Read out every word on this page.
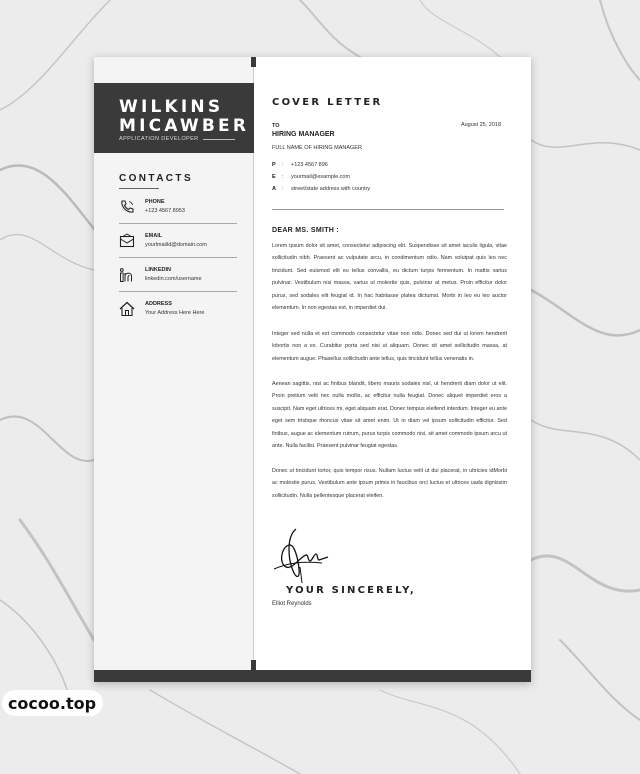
WILKINS
MICAWBER
APPLICATION DEVELOPER
CONTACTS
PHONE
+123 4567 8953
EMAIL
yourlmaiild@domain.com
LINKEDIN
linkedin.com/username
ADDRESS
Your Address Here Here
COVER LETTER
TO	August 25, 2018
HIRING MANAGER
FULL NAME OF HIRING MANAGER
P : +123 4567 896
E : yourmail@example.com
A : street/state address with country
DEAR MS. SMITH :
Lorem ipsum dolor sit amet, consectetur adipiscing elit. Suspendisse sit amet iaculis ligula, vitae sollicitudin nibh. Praesent ac vulputate arcu, in condimentum odio. Nam volutpat quis leo nec tincidunt. Sed euismod elit eu tellus convallis, eu dictum turpis fermentum. In mattis varius pulvinar. Vestibulum nisi massa, varius ut molestie quis, pulvinar at metus. Proin efficitur dolor purus, sed sodales elit feugiat id. In hac habitasse platea dictumst. Morbi in leo eu leo auctor elementum. In non egestas est, in imperdiet dui.
Integer sed nulla et est commodo consectetur vitae non odio. Donec sed dui ut lorem hendrerit lobortis non a ex. Curabitur porta sed nisi ut aliquam. Donec sit amet sollicitudin massa, at elementum augue. Phasellus sollicitudin ante tellus, quis tincidunt tellus venenatis in.
Aenean sagittis, nisi ac finibus blandit, libero mauris sodales nisl, ut hendrerit diam dolor ut elit. Proin pretium velit nec nulla mollis, ac efficitur nulla feugiat. Donec aliquet imperdiet eros a suscipit. Nam eget ultrices mi, eget aliquam erat. Donec tempus eleifend interdum. Integer eu ante eget sem tristique rhoncus vitae sit amet enim. Ut in diam vel ipsum sollicitudin efficitur. Sed finibus, augue ac elementum rutrum, purus turpis commodo nisi, sit amet commodo ipsum arcu ut ante. Nulla facilisi. Praesent pulvinar feugiat egestas.
Donec ut tincidunt tortor, quis tempor risus. Nullam luctus velit ut dui placerat, in ultricies idMorbi ac molestie purus. Vestibulum ante ipsum primis in faucibus orci luctus et ultrices uada dignissim sollicitudin. Nulla pellentesque placerat eleifen.
YOUR SINCERELY,
Elliot Reynolds
cocoo.top
